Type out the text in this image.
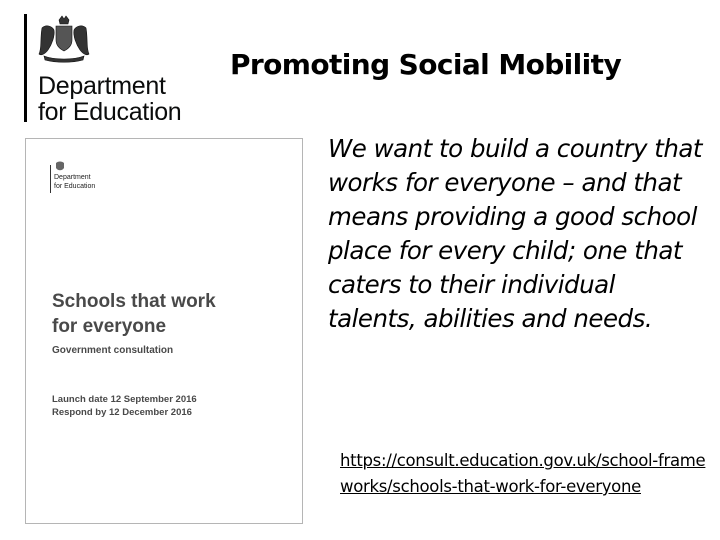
Department
for Education
Promoting Social Mobility
Department
for Education
Schools that work
for everyone
Government consultation
Launch date 12 September 2016
Respond by 12 December 2016

We want to build a country that works for everyone – and that means providing a good school place for every child; one that caters to their individual talents, abilities and needs.

https://consult.education.gov.uk/school-frameworks/schools-that-work-for-everyone
